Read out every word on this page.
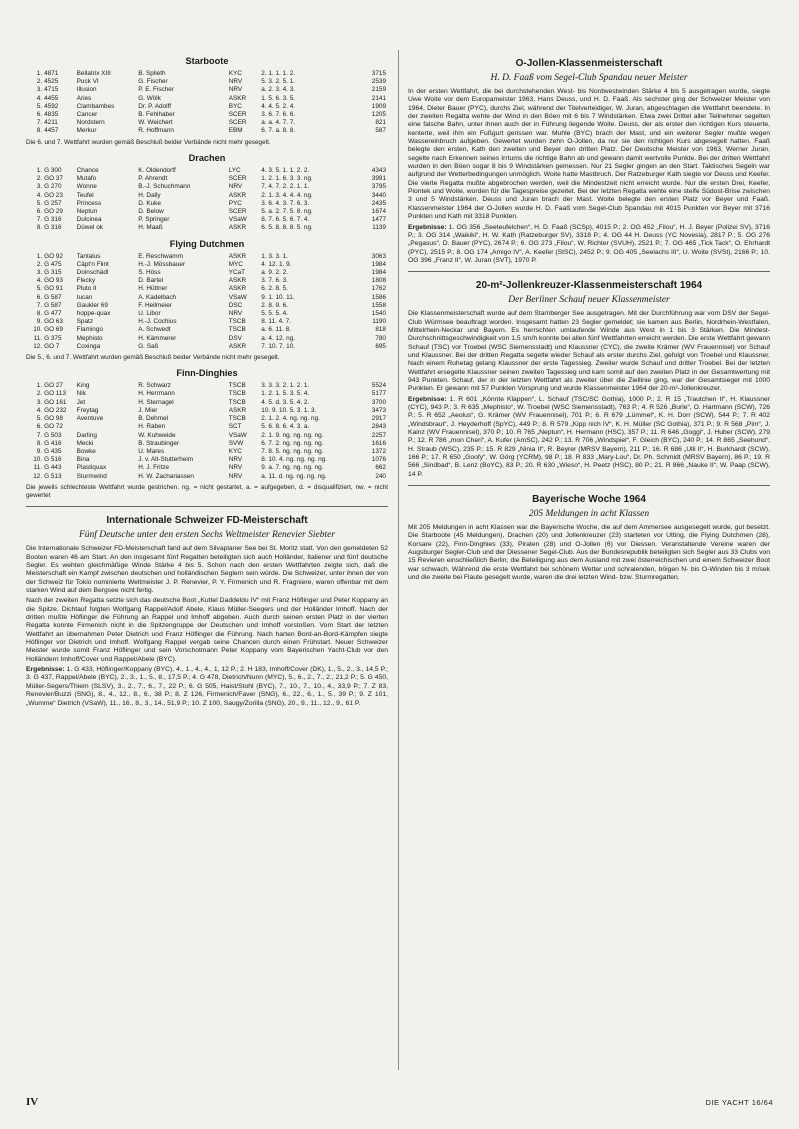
Starboote
1.	4871	Bellatrix XIII	B. Splieth	KYC	2. 1. 1. 1. 2.	3715
2.	4525	Puck VI	G. Fischer	NRV	5. 3. 2. 5. 1.	2539
3.	4715	Illusion	P. E. Fischer	NRV	a. 2. 3. 4. 3.	2159
4.	4455	Aries	G. Wölk	ASKR	1. 5. 6. 3. 5.	2141
5.	4592	Clambambes	Dr. P. Adolff	BYC	4. 4. 5. 2. 4.	1909
6.	4835	Cancer	B. Fehlhaber	SCER	3. 6. 7. 6. 6.	1205
7.	4211	Nordstern	W. Weichert	SCER	a. a. 4. 7. 7.	821
8.	4457	Merkur	R. Hoffmann	EBM	6. 7. a. 8. 8.	587
Die 6. und 7. Wettfahrt wurden gemäß Beschluß beider Verbände nicht mehr gesegelt.
Drachen
1.	G 300	Chance	K. Oldendorff	LYC	4. 3. 5. 1. 1. 2. 2.	4343
2.	GO 37	Mutafo	P. Ahrendt	SCER	1. 2. 1. 6. 3. 3. ng.	3991
3.	G 270	Wonne	B.-J. Schuchmann	NRV	7. 4. 7. 2. 2. 1. 1.	3795
4.	GO 23	Teufel	H. Dally	ASKR	2. 1. 3. 4. 4. 4. ng.	3440
5.	G 257	Princess	D. Kuke	PYC	3. 6. 4. 3. 7. 6. 3.	2435
6.	GO 29	Neptun	D. Below	SCER	5. a. 2. 7. 5. 8. ng.	1674
7.	G 316	Dulcinea	P. Springer	VSaW	8. 7. 6. 5. 6. 7. 4.	1477
8.	G 316	Düwel ok	H. Maaß	ASKR	6. 5. 8. 8. 8. 5. ng.	1139
Flying Dutchmen
1.	GO 92	Tantalus	E. Reschwamm	ASKR	1. 3. 3. 1.	3063
2.	G 475	Cäpt'n Flint	H.-J. Mössbauer	MYC	4. 12. 1. 9.	1984
3.	G 315	Doinschädl	S. Höss	YCaT	a. 9. 2. 2.	1984
4.	GO 93	Flecky	D. Bartel	ASKR	3. 7. 6. 3.	1808
5.	GO 91	Pluto II	H. Hüttner	ASKR	6. 2. 8. 5.	1762
6.	G 587	tucan	A. Kadelbach	VSaW	9. 1. 10. 11.	1586
7.	G 587	Gaukler 69	F. Heilmeier	DSC	2. 8. 9. 6.	1558
8.	G 477	hoppe-quax	U. Libor	NRV	5. 5. 5. 4.	1540
9.	GO 63	Spatz	H.-J. Cochius	TSCB	8. 11. 4. 7.	1190
10.	GO 69	Flamingo	A. Schwedt	TSCB	a. 6. 11. 8.	818
11.	G 375	Mephisto	H. Kämmerer	DSV	a. 4. 12. ng.	780
12.	GO 7	Coxinga	G. Saß	ASKR	7. 10. 7. 10.	695
Die 5., 6. und 7. Wettfahrt wurden gemäß Beschluß beider Verbände nicht mehr gesegelt.
Finn-Dinghies
1.	GO 27	King	R. Schwarz	TSCB	3. 3. 3. 2. 1. 2. 1.	5524
2.	GO 113	Nik	H. Herrmann	TSCB	1. 2. 1. 5. 3. 5. 4.	5177
3.	GO 161	Jet	H. Sternagel	TSCB	4. 5. d. 3. 5. 4. 2.	3700
4.	GO 232	Freytag	J. Mier	ASKR	10. 9. 10. 5. 3. 1. 3.	3473
5.	GO 98	Aventuve	B. Dehmel	TSCB	2. 1. 2. 4. ng. ng. ng.	2917
6.	GO 72		H. Raben	SCT	5. 6. 8. 6. 4. 3. a.	2843
7.	G 503	Darling	W. Kuhweide	VSaW	2. 1. 9. ng. ng. ng. ng.	2257
8.	G 416	Mecki	B. Straubinger	SVW	6. 7. 2. ng. ng. ng. ng.	1616
9.	G 435	Bowke	U. Mares	KYC	7. 8. 5. ng. ng. ng. ng.	1372
10.	G 516	Bina	J. v. Alt-Stutterheim	NRV	8. 10. 4. ng. ng. ng. ng.	1076
11.	G 443	Plastiquax	H. J. Fritze	NRV	9. a. 7. ng. ng. ng. ng.	662
12.	G 513	Sturmwind	H. W. Zachariassen	NRV	a. 11. d. ng. ng. ng. ng.	240
Die jeweils schlechteste Wettfahrt wurde gestrichen. ng. = nicht gestartet, a. = aufgegeben, d. = disqualifiziert, nw. = nicht gewertet
Internationale Schweizer FD-Meisterschaft
Fünf Deutsche unter den ersten Sechs Weltmeister Renevier Siebter

Die Internationale Schweizer FD-Meisterschaft fand auf dem Silvaplaner See bei St. Moritz statt. Von den gemeldeten 52 Booten waren 46 am Start. An den insgesamt fünf Regatten beteiligten sich auch Holländer, Italiener und fünf deutsche Segler. Es wehten gleichmäßige Winde Stärke 4 bis 5. Schon nach den ersten Wettfahrten zeigte sich, daß die Meisterschaft ein Kampf zwischen deutschen und holländischen Seglern sein würde. Die Schweizer, unter ihnen der von der Schweiz für Tokio nominierte Weltmeister J. P. Renevier, P. Y. Firmenich und R. Fragniere, waren offenbar mit dem starken Wind auf dem Bergsee nicht fertig.

Nach der zweiten Regatta setzte sich das deutsche Boot „Kuttel Daddeldu IV“ mit Franz Höflinger und Peter Koppany an die Spitze. Dichtauf folgten Wolfgang Rappel/Adolf Abele, Klaus Müller-Seegers und der Holländer Imhoff. Nach der dritten mußte Höflinger die Führung an Rappel und Imhoff abgeben. Auch durch seinen ersten Platz in der vierten Regatta konnte Firmenich nicht in die Spitzengruppe der Deutschen und Imhoff vorstoßen. Vom Start der letzten Wettfahrt an übernahmen Peter Dietrich und Franz Höflinger die Führung. Nach harten Bord-an-Bord-Kämpfen siegte Höflinger vor Dietrich und Imhoff. Wolfgang Rappel vergab seine Chancen durch einen Frühstart. Neuer Schweizer Meister wurde somit Franz Höflinger und sein Vorschotmann Peter Koppany vom Bayerischen Yacht-Club vor den Holländern Imhoff/Cover und Rappel/Abele (BYC).

Ergebnisse: 1. G 433, Höflinger/Koppany (BYC), 4., 1., 4., 4., 1, 12 P.; 2. H 183, Imhoff/Cover (DK), 1., 5., 2., 3., 14,5 P.; 3. G 437, Rappel/Abele (BYC), 2., 3., 1., 5., 8., 17,5 P.; 4. G 478, Dietrich/Nunn (MYC), 5., 6., 2., 7., 2., 21,2 P.; 5. G 450, Müller-Segers/Thiem (SLSV), 3., 2., 7., 6., 7., 22 P.; 6. G 505, Haist/Stohl (BYC), 7., 10., 7., 10., 4., 33,9 P.; 7. Z 83, Renevier/Buzzi (SNG), 8., 4., 12., 8., 6., 38 P.; 8. Z 126, Firmenich/Faver (SNG), 6., 22., 6., 1., 5., 39 P.; 9. Z 101, „Wumme“ Dietrich (VSaW), 11., 16., 8., 3., 14., 51,9 P.; 10. Z 100, Saugy/Zorilla (SNG), 20., 9., 11., 12., 9., 61 P.

O-Jollen-Klassenmeisterschaft
H. D. Faaß vom Segel-Club Spandau neuer Meister

In der ersten Wettfahrt, die bei durchstehenden West- bis Nordwestwinden Stärke 4 bis 5 ausgetragen wurde, siegte Uwe Woite vor dem Europameister 1963, Hans Deuss, und H. D. Faaß. Als sechster ging der Schweizer Meister von 1964, Dieter Bauer (PYC), durchs Ziel, während der Titelverteidiger, W. Juran, abgeschlagen die Wettfahrt beendete. In der zweiten Regatta wehte der Wind in den Böen mit 6 bis 7 Windstärken. Etwa zwei Drittel aller Teilnehmer segelten eine falsche Bahn, unter ihnen auch der in Führung liegende Woite. Deuss, der als erster den richtigen Kurs steuerte, kenterte, weil ihm ein Fußgurt gerissen war. Muhle (BYC) brach der Mast, und ein weiterer Segler mußte wegen Wassereinbruch aufgeben. Gewertet wurden zehn O-Jollen, da nur sie den richtigen Kurs abgesegelt hatten. Faaß belegte den ersten, Kath den zweiten und Beyer den dritten Platz. Der Deutsche Meister von 1963, Werner Juran, segelte nach Erkennen seines Irrtums die richtige Bahn ab und gewann damit wertvolle Punkte. Bei der dritten Wettfahrt wurden in den Böen sogar 8 bis 9 Windstärken gemessen. Nur 21 Segler gingen an den Start. Taktisches Segeln war aufgrund der Wetterbedingungen unmöglich. Woite hatte Mastbruch. Der Ratzeburger Kath siegte vor Deuss und Keefer. Die vierte Regatta mußte abgebrochen werden, weil die Mindestzeit nicht erreicht wurde. Nur die ersten Drei, Keefer, Piontek und Woite, wurden für die Tagespreise gezeitet. Bei der letzten Regatta wehte eine steife Südost-Brise zwischen 3 und 5 Windstärken. Deuss und Juran brach der Mast. Woite belegte den ersten Platz vor Beyer und Faaß. Klassenmeister 1964 der O-Jollen wurde H. D. Faaß vom Segel-Club Spandau mit 4015 Punkten vor Beyer mit 3716 Punkten und Kath mit 3318 Punkten.

Ergebnisse: 1. OG 356 „Seeteufelchen“, H. D. Faaß (SCSp), 4015 P.; 2. OG 452 „Filou“, H. J. Beyer (Polizei SV), 3716 P.; 3. OG 314 „Waikiki“, H. W. Kath (Ratzeburger SV), 3318 P.; 4. OG 44 H. Deuss (YC Novesia), 2817 P.; 5. OG 276 „Pegasus“, D. Bauer (PYC), 2674 P.; 6. OG 273 „Filou“, W. Richter (SVUH), 2521 P.; 7. OG 465 „Tick Tack“, O. Ehrhardt (PYC), 2515 P.; 8. OG 174 „Amigo IV“, A. Keefer (StSC), 2452 P.; 9. OG 405 „Seelachs III“, U. Woite (SVSt), 2166 P.; 10. OG 396 „Franz II“, W. Juran (SVT), 1970 P.

20-m²-Jollenkreuzer-Klassenmeisterschaft 1964
Der Berliner Schauf neuer Klassenmeister

Die Klassenmeisterschaft wurde auf dem Starnberger See ausgetragen. Mit der Durchführung war vom DSV der Segel-Club Würmsee beauftragt worden. Insgesamt hatten 23 Segler gemeldet; sie kamen aus Berlin, Nordrhein-Westfalen, Mittelrhein-Neckar und Bayern. Es herrschten umlaufende Winde aus West in 1 bis 3 Stärken. Die Mindest-Durchschnittsgeschwindigkeit von 1,5 sm/h konnte bei allen fünf Wettfahrten erreicht werden. Die erste Wettfahrt gewann Schauf (TSC) vor Troebel (WSC Siemensstadt) und Klaussner (CYC), die zweite Krämer (WV Frauennisel) vor Schauf und Klaussner. Bei der dritten Regatta segelte wieder Schauf als erster durchs Ziel, gefolgt von Troebel und Klaussner. Nach einem Ruhetag gelang Klaussner der erste Tagessieg. Zweiter wurde Schauf und dritter Troebel. Bei der letzten Wettfahrt ersegelte Klaussner seinen zweiten Tagessieg und kam somit auf den zweiten Platz in der Gesamtwertung mit 943 Punkten. Schauf, der in der letzten Wettfahrt als zweiter über die Ziellinie ging, war der Gesamtsieger mit 1000 Punkten. Er gewann mit 57 Punkten Vorsprung und wurde Klassenmeister 1964 der 20-m²-Jollenkreuzer.

Ergebnisse: 1. R 601 „Könnte Klappen“, L. Schauf (TSC/SC Gothia), 1000 P.; 2. R 15 „Trautchen II“, H. Klaussner (CYC), 943 P.; 3. R 635 „Mephisto“, W. Troebel (WSC Siemensstadt), 763 P.; 4. R 526 „Burle“, O. Hartmann (SCW), 726 P.; 5. R 652 „Aeolus“, G. Krämer (WV Frauennisel), 701 P.; 6. R 679 „Lümmel“, K. H. Dorr (SCW), 544 P.; 7. R 402 „Windsbraut“, J. Heyderhoff (SpYC), 449 P.; 8. R 579 „Kipp nich IV“, K. H. Müller (SC Gothia), 371 P.; 9. R 568 „Pim“, J. Kainz (WV Frauennisel), 370 P.; 10. R 765 „Neptun“, H. Hermann (HSC), 357 P.; 11. R 646 „Goggi“, J. Huber (SCW), 279 P.; 12. R 786 „mon Cheri“, A. Kufer (AmSC), 242 P.; 13. R 706 „Windspiel“, F. Gleich (BYC), 240 P.; 14. R 865 „Seehund“, H. Straub (WSC), 235 P.; 15. R 829 „Ninia II“, R. Beyrer (MRSV Bayern), 211 P.; 16. R 686 „Ulli II“, H. Burkhardt (SCW), 166 P.; 17. R 650 „Goofy“, W. Görg (YCRM), 98 P.; 18. R 833 „Mary-Lou“, Dr. Ph. Schmidt (MRSV Bayern), 86 P.; 19. R 566 „Sindbad“, B. Lenz (BoYC), 83 P.; 20. R 630 „Wieso“, H. Peetz (HSC), 80 P.; 21. R 866 „Nauke II“, W. Paap (SCW), 14 P.

Bayerische Woche 1964
205 Meldungen in acht Klassen

Mit 205 Meldungen in acht Klassen war die Bayerische Woche, die auf dem Ammersee ausgesegelt wurde, gut besetzt. Die Starboote (45 Meldungen), Drachen (20) und Jollenkreuzer (23) starteten vor Utting, die Flying Dutchmen (28), Korsare (22), Finn-Dinghies (33), Piraten (28) und O-Jollen (6) vor Diessen. Veranstaltende Vereine waren der Augsburger Segler-Club und der Diessener Segel-Club. Aus der Bundesrepublik beteiligten sich Segler aus 33 Clubs von 15 Revieren einschließlich Berlin; die Beteiligung aus dem Ausland mit zwei österreichischen und einem Schweizer Boot war schwach. Während die erste Wettfahrt bei schönem Wetter und schralenden, böigen N- bis O-Winden bis 3 m/sek und die zweite bei Flaute gesegelt wurde, waren die drei letzten Wind- bzw. Sturmregatten.

IV	DIE YACHT 16/64
